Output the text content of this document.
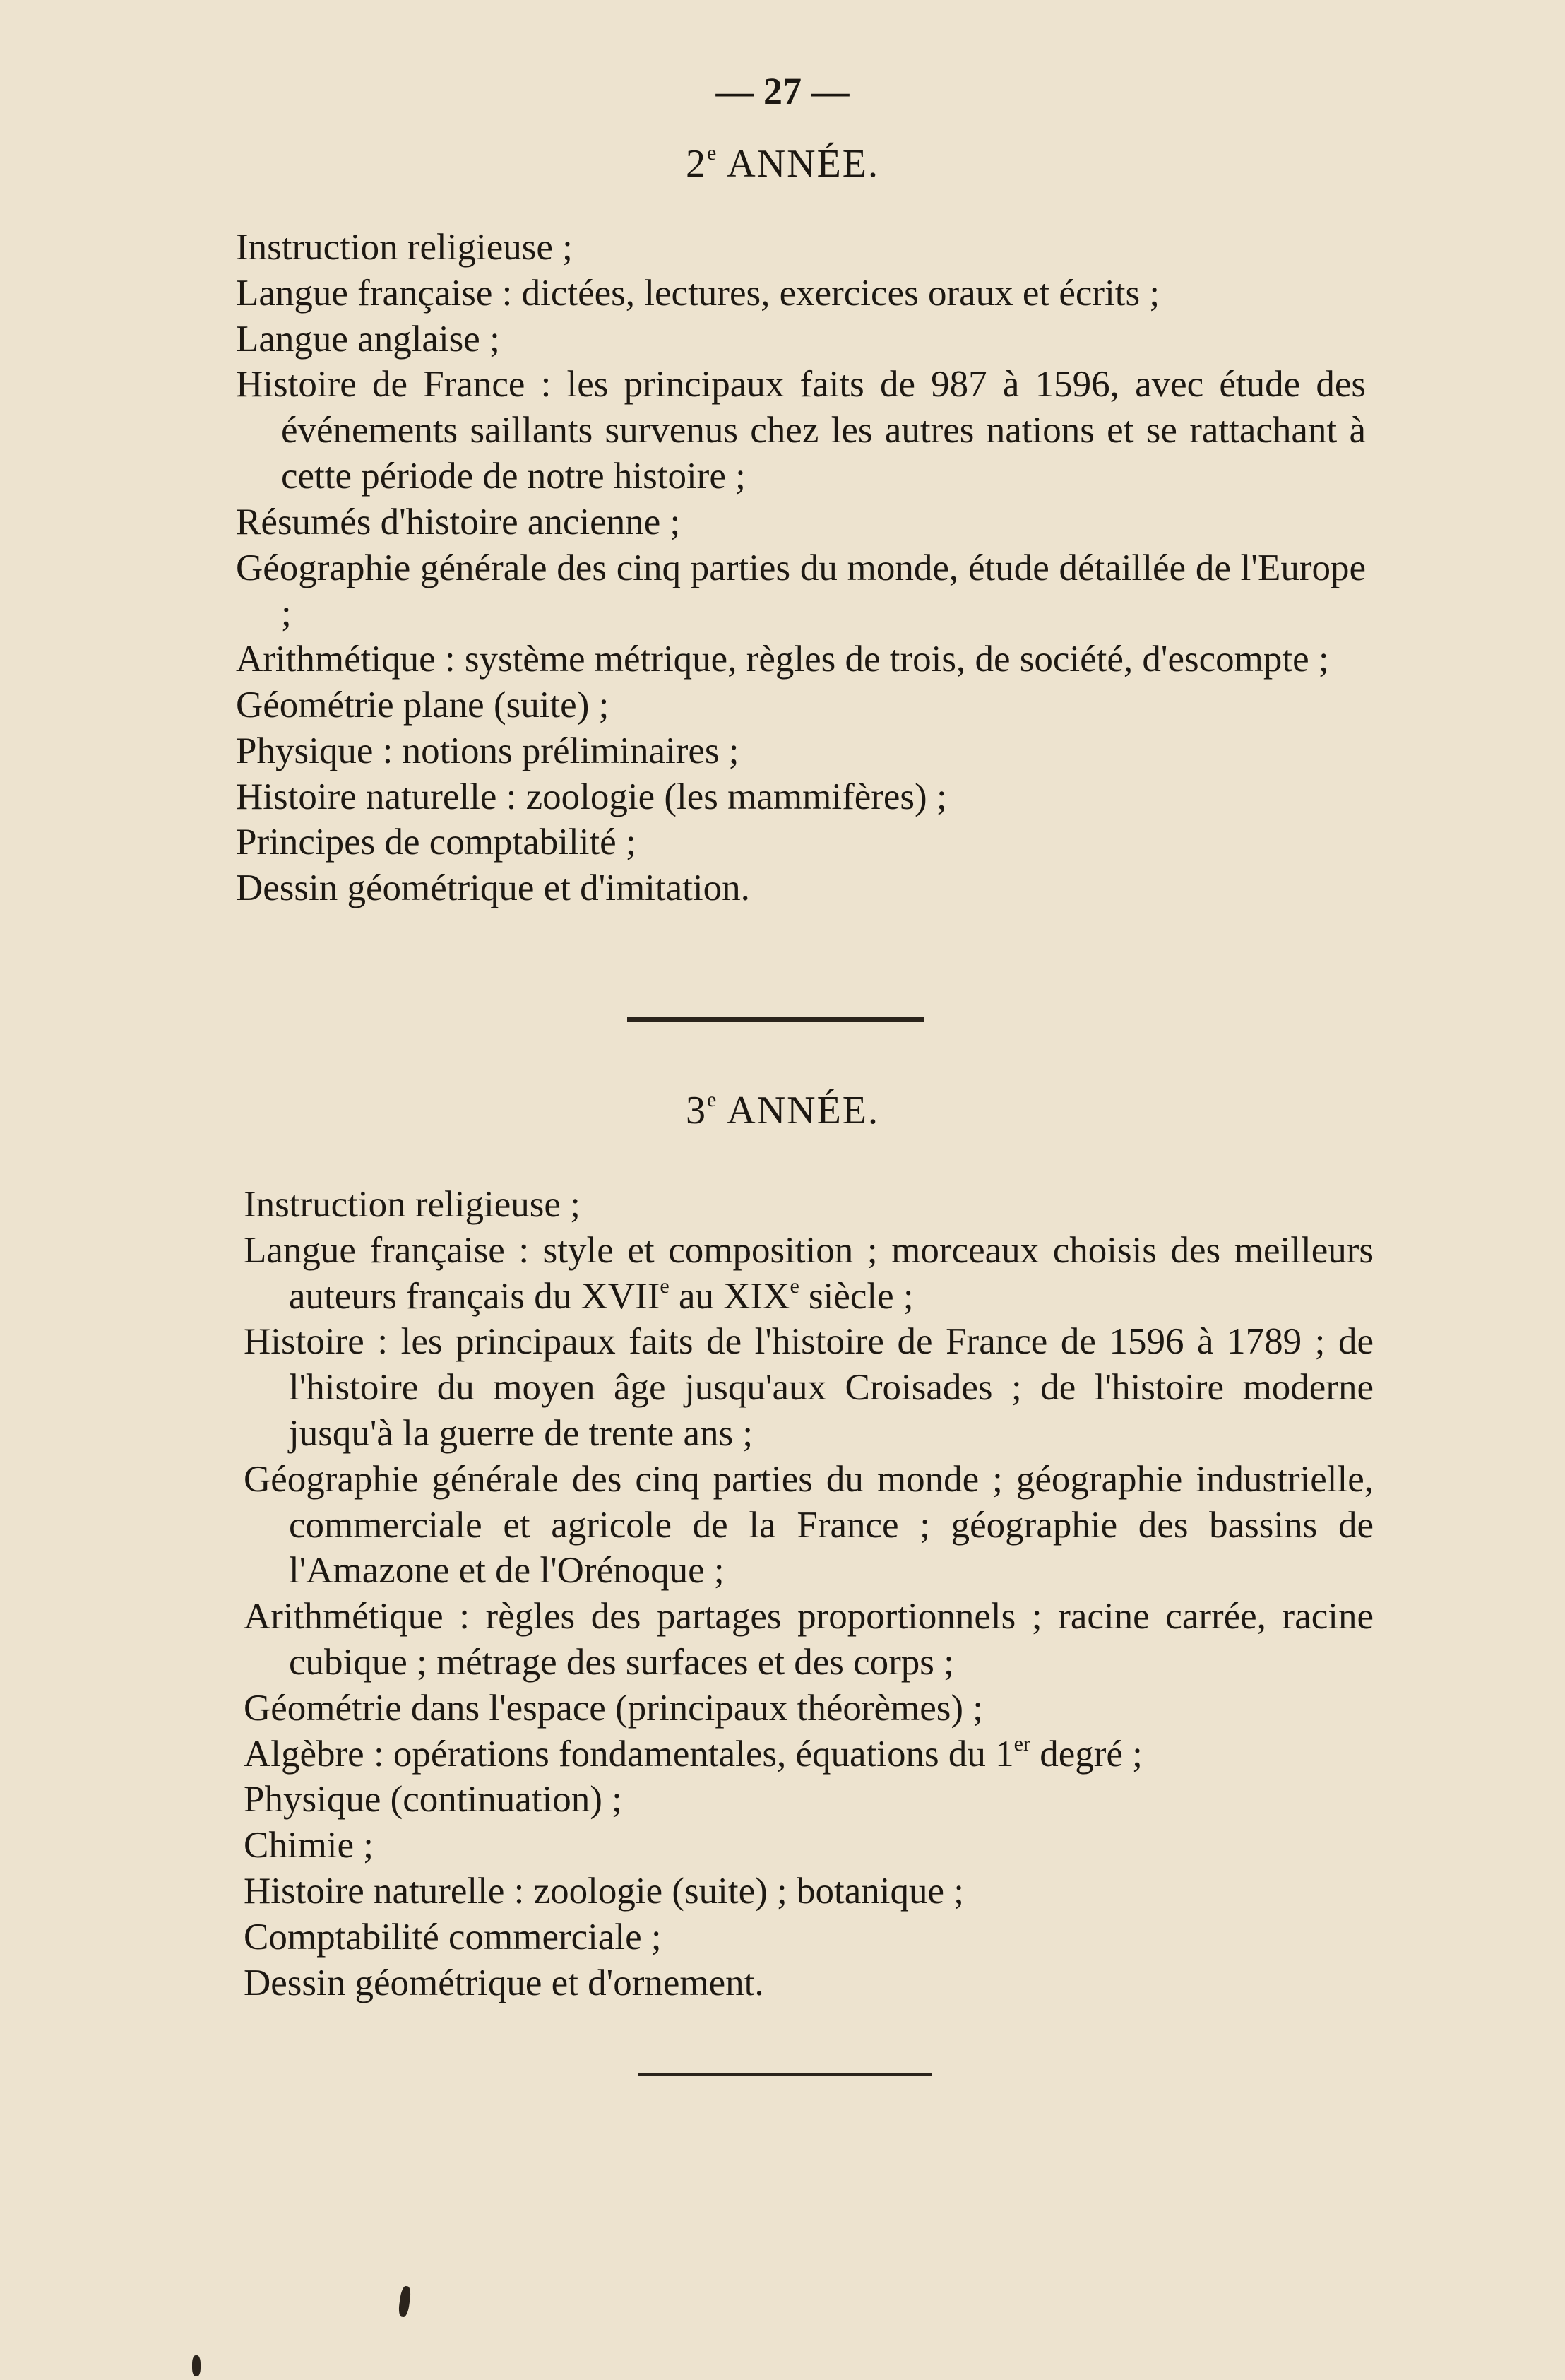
— 27 —
2e ANNÉE.
Instruction religieuse ;
Langue française : dictées, lectures, exercices oraux et écrits ;
Langue anglaise ;
Histoire de France : les principaux faits de 987 à 1596, avec étude des événements saillants survenus chez les autres nations et se rattachant à cette période de notre histoire ;
Résumés d'histoire ancienne ;
Géographie générale des cinq parties du monde, étude détaillée de l'Europe ;
Arithmétique : système métrique, règles de trois, de société, d'escompte ;
Géométrie plane (suite) ;
Physique : notions préliminaires ;
Histoire naturelle : zoologie (les mammifères) ;
Principes de comptabilité ;
Dessin géométrique et d'imitation.
3e ANNÉE.
Instruction religieuse ;
Langue française : style et composition ; morceaux choisis des meilleurs auteurs français du XVIIe au XIXe siècle ;
Histoire : les principaux faits de l'histoire de France de 1596 à 1789 ; de l'histoire du moyen âge jusqu'aux Croisades ; de l'histoire moderne jusqu'à la guerre de trente ans ;
Géographie générale des cinq parties du monde ; géographie industrielle, commerciale et agricole de la France ; géographie des bassins de l'Amazone et de l'Orénoque ;
Arithmétique : règles des partages proportionnels ; racine carrée, racine cubique ; métrage des surfaces et des corps ;
Géométrie dans l'espace (principaux théorèmes) ;
Algèbre : opérations fondamentales, équations du 1er degré ;
Physique (continuation) ;
Chimie ;
Histoire naturelle : zoologie (suite) ; botanique ;
Comptabilité commerciale ;
Dessin géométrique et d'ornement.
